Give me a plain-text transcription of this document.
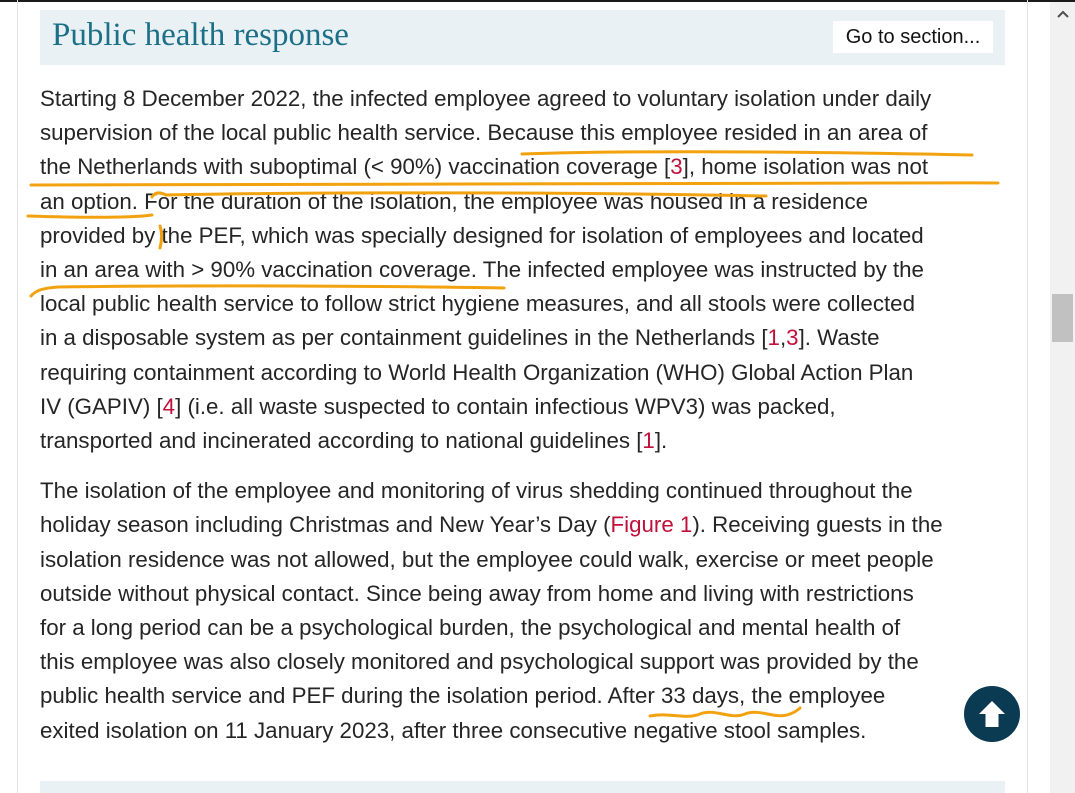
Public health response	Go to section...

Starting 8 December 2022, the infected employee agreed to voluntary isolation under daily
supervision of the local public health service. Because this employee resided in an area of
the Netherlands with suboptimal (< 90%) vaccination coverage [3], home isolation was not
an option. For the duration of the isolation, the employee was housed in a residence
provided by the PEF, which was specially designed for isolation of employees and located
in an area with > 90% vaccination coverage. The infected employee was instructed by the
local public health service to follow strict hygiene measures, and all stools were collected
in a disposable system as per containment guidelines in the Netherlands [1,3]. Waste
requiring containment according to World Health Organization (WHO) Global Action Plan
IV (GAPIV) [4] (i.e. all waste suspected to contain infectious WPV3) was packed,
transported and incinerated according to national guidelines [1].

The isolation of the employee and monitoring of virus shedding continued throughout the
holiday season including Christmas and New Year’s Day (Figure 1). Receiving guests in the
isolation residence was not allowed, but the employee could walk, exercise or meet people
outside without physical contact. Since being away from home and living with restrictions
for a long period can be a psychological burden, the psychological and mental health of
this employee was also closely monitored and psychological support was provided by the
public health service and PEF during the isolation period. After 33 days, the employee
exited isolation on 11 January 2023, after three consecutive negative stool samples.
